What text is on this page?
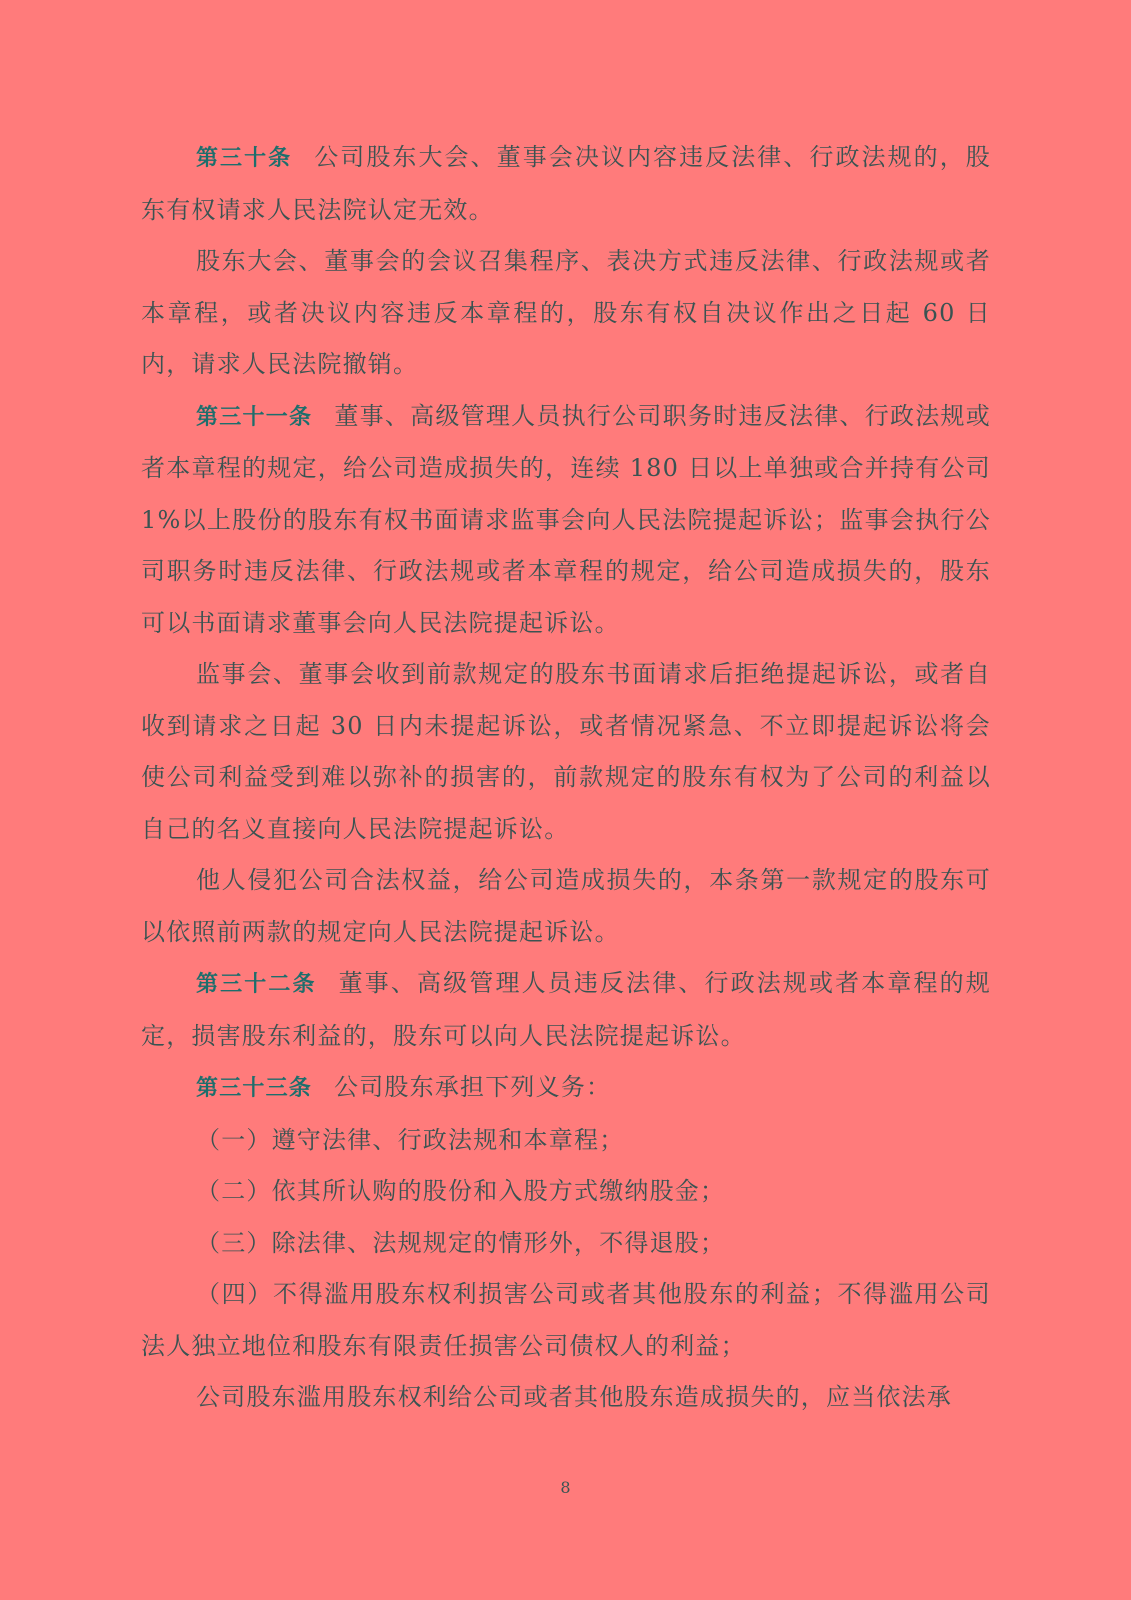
第三十条 公司股东大会、董事会决议内容违反法律、行政法规的，股东有权请求人民法院认定无效。

股东大会、董事会的会议召集程序、表决方式违反法律、行政法规或者本章程，或者决议内容违反本章程的，股东有权自决议作出之日起 60 日内，请求人民法院撤销。

第三十一条 董事、高级管理人员执行公司职务时违反法律、行政法规或者本章程的规定，给公司造成损失的，连续 180 日以上单独或合并持有公司 1%以上股份的股东有权书面请求监事会向人民法院提起诉讼；监事会执行公司职务时违反法律、行政法规或者本章程的规定，给公司造成损失的，股东可以书面请求董事会向人民法院提起诉讼。

监事会、董事会收到前款规定的股东书面请求后拒绝提起诉讼，或者自收到请求之日起 30 日内未提起诉讼，或者情况紧急、不立即提起诉讼将会使公司利益受到难以弥补的损害的，前款规定的股东有权为了公司的利益以自己的名义直接向人民法院提起诉讼。

他人侵犯公司合法权益，给公司造成损失的，本条第一款规定的股东可以依照前两款的规定向人民法院提起诉讼。

第三十二条 董事、高级管理人员违反法律、行政法规或者本章程的规定，损害股东利益的，股东可以向人民法院提起诉讼。

第三十三条 公司股东承担下列义务：

（一）遵守法律、行政法规和本章程；

（二）依其所认购的股份和入股方式缴纳股金；

（三）除法律、法规规定的情形外，不得退股；

（四）不得滥用股东权利损害公司或者其他股东的利益；不得滥用公司法人独立地位和股东有限责任损害公司债权人的利益；

公司股东滥用股东权利给公司或者其他股东造成损失的，应当依法承

8
